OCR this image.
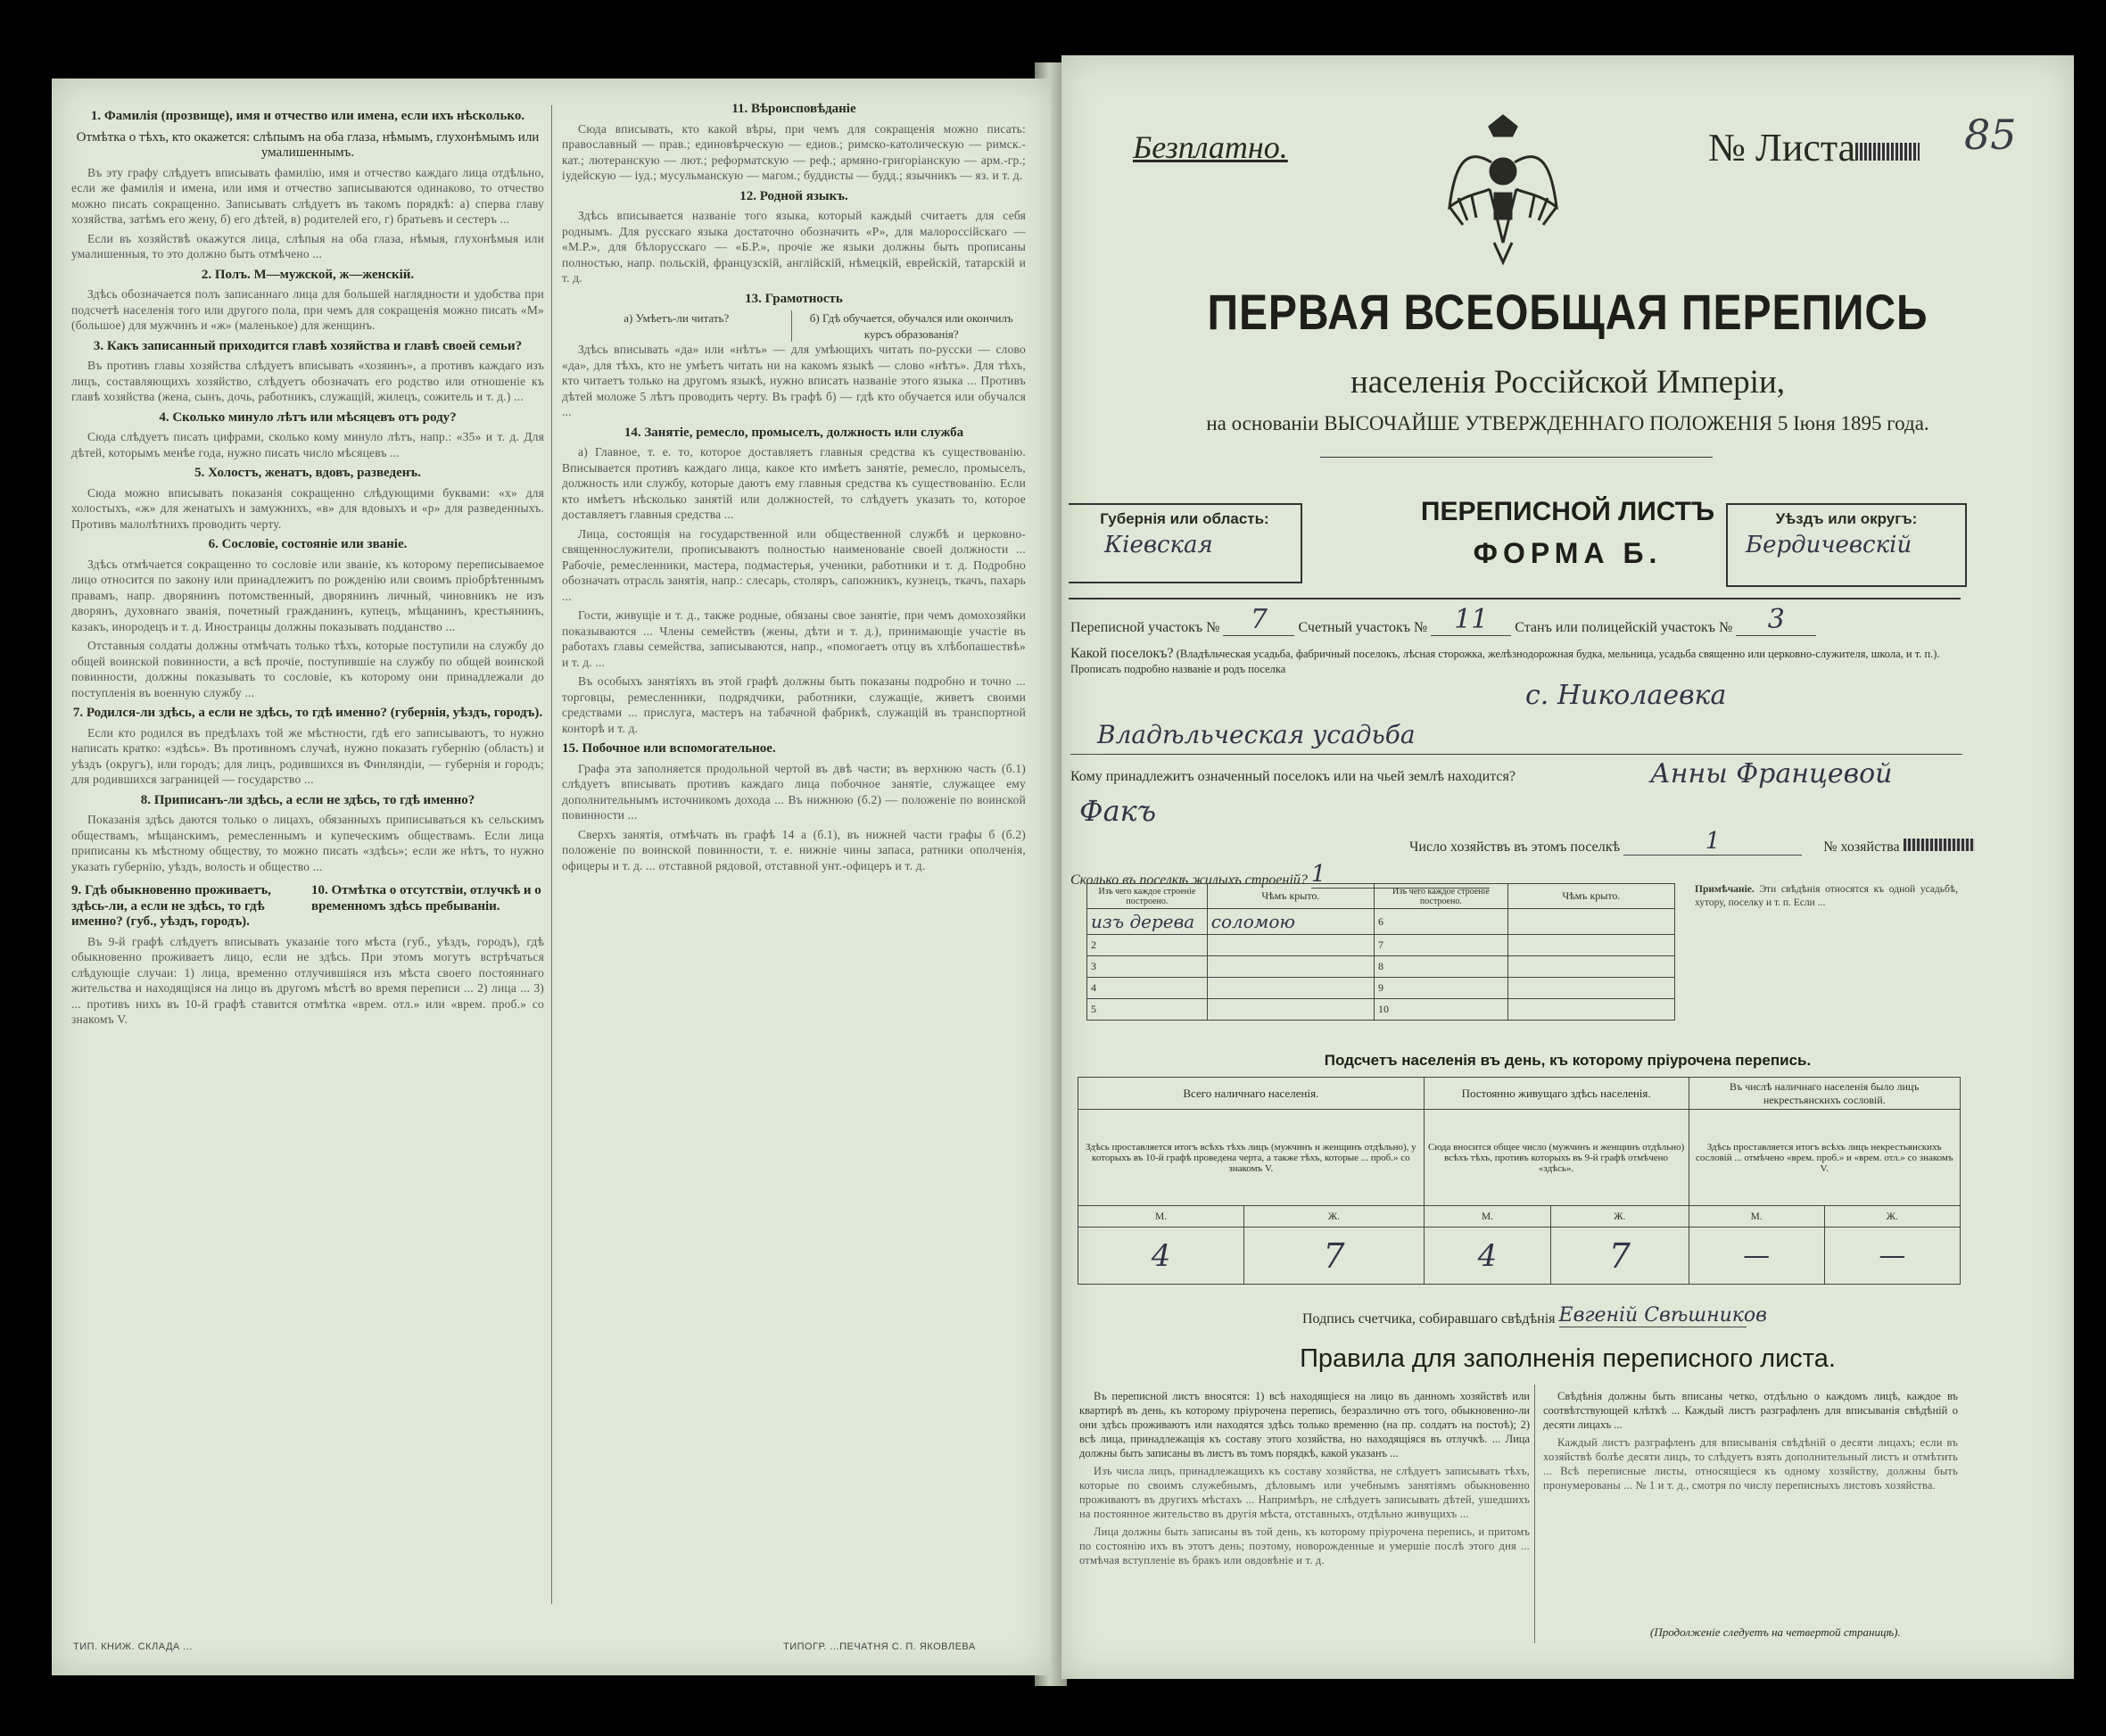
1. Фамилія (прозвище), имя и отчество или имена, если ихъ нѣсколько.
Отмѣтка о тѣхъ, кто окажется: слѣпымъ на оба глаза, нѣмымъ, глухонѣмымъ или умалишеннымъ.

Въ эту графу слѣдуетъ вписывать фамилію, имя и отчество каждаго лица отдѣльно, если же фамилія и имена, или имя и отчество записываются одинаково, то отчество можно писать сокращенно. Записывать слѣдуетъ въ такомъ порядкѣ: а) сперва главу хозяйства, затѣмъ его жену, б) его дѣтей, в) родителей его, г) братьевъ и сестеръ ...

Если въ хозяйствѣ окажутся лица, слѣпыя на оба глаза, нѣмыя, глухонѣмыя или умалишенныя, то это должно быть отмѣчено ...

2. Полъ. М—мужской, ж—женскій.

Здѣсь обозначается полъ записаннаго лица для большей наглядности и удобства при подсчетѣ населенія того или другого пола, при чемъ для сокращенія можно писать «М» (большое) для мужчинъ и «ж» (маленькое) для женщинъ.

3. Какъ записанный приходится главѣ хозяйства и главѣ своей семьи?

Въ противъ главы хозяйства слѣдуетъ вписывать «хозяинъ», а противъ каждаго изъ лицъ, составляющихъ хозяйство, слѣдуетъ обозначать его родство или отношеніе къ главѣ хозяйства (жена, сынъ, дочь, работникъ, служащій, жилецъ, сожитель и т. д.) ...

4. Сколько минуло лѣтъ или мѣсяцевъ отъ роду?

Сюда слѣдуетъ писать цифрами, сколько кому минуло лѣтъ, напр.: «35» и т. д. Для дѣтей, которымъ менѣе года, нужно писать число мѣсяцевъ ...

5. Холостъ, женатъ, вдовъ, разведенъ.

Сюда можно вписывать показанія сокращенно слѣдующими буквами: «х» для холостыхъ, «ж» для женатыхъ и замужнихъ, «в» для вдовыхъ и «р» для разведенныхъ. Противъ малолѣтнихъ проводить черту.

6. Сословіе, состояніе или званіе.

Здѣсь отмѣчается сокращенно то сословіе или званіе, къ которому переписываемое лицо относится по закону или принадлежитъ по рожденію или своимъ пріобрѣтеннымъ правамъ, напр. дворянинъ потомственный, дворянинъ личный, чиновникъ не изъ дворянъ, духовнаго званія, почетный гражданинъ, купецъ, мѣщанинъ, крестьянинъ, казакъ, инородецъ и т. д. Иностранцы должны показывать подданство ...

Отставныя солдаты должны отмѣчать только тѣхъ, которые поступили на службу до общей воинской повинности, а всѣ прочіе, поступившіе на службу по общей воинской повинности, должны показывать то сословіе, къ которому они принадлежали до поступленія въ военную службу ...

7. Родился-ли здѣсь, а если не здѣсь, то гдѣ именно? (губернія, уѣздъ, городъ).

Если кто родился въ предѣлахъ той же мѣстности, гдѣ его записываютъ, то нужно написать кратко: «здѣсь». Въ противномъ случаѣ, нужно показать губернію (область) и уѣздъ (округъ), или городъ; для лицъ, родившихся въ Финляндіи, — губернія и городъ; для родившихся заграницей — государство ...

8. Приписанъ-ли здѣсь, а если не здѣсь, то гдѣ именно?

Показанія здѣсь даются только о лицахъ, обязанныхъ приписываться къ сельскимъ обществамъ, мѣщанскимъ, ремесленнымъ и купеческимъ обществамъ. Если лица приписаны къ мѣстному обществу, то можно писать «здѣсь»; если же нѣтъ, то нужно указать губернію, уѣздъ, волость и общество ...

9. Гдѣ обыкновенно проживаетъ, здѣсь-ли, а если не здѣсь, то гдѣ именно? (губ., уѣздъ, городъ).
10. Отмѣтка о отсутствіи, отлучкѣ и о временномъ здѣсь пребываніи.

Въ 9-й графѣ слѣдуетъ вписывать указаніе того мѣста (губ., уѣздъ, городъ), гдѣ обыкновенно проживаетъ лицо, если не здѣсь. При этомъ могутъ встрѣчаться слѣдующіе случаи: 1) лица, временно отлучившіяся изъ мѣста своего постояннаго жительства и находящіяся на лицо въ другомъ мѣстѣ во время переписи ... 2) лица ... 3) ... противъ нихъ въ 10-й графѣ ставится отмѣтка «врем. отл.» или «врем. проб.» со знакомъ V.

11. Вѣроисповѣданіе

Сюда вписывать, кто какой вѣры, при чемъ для сокращенія можно писать: православный — прав.; единовѣрческую — едиов.; римско-католическую — римск.-кат.; лютеранскую — лют.; реформатскую — реф.; армяно-григоріанскую — арм.-гр.; іудейскую — іуд.; мусульманскую — магом.; буддисты — будд.; язычникъ — яз. и т. д.

12. Родной языкъ.

Здѣсь вписывается названіе того языка, который каждый считаетъ для себя роднымъ. Для русскаго языка достаточно обозначить «Р», для малороссійскаго — «М.Р.», для бѣлорусскаго — «Б.Р.», прочіе же языки должны быть прописаны полностью, напр. польскій, французскій, англійскій, нѣмецкій, еврейскій, татарскій и т. д.

13. Грамотность
а) Умѣетъ-ли читать?	б) Гдѣ обучается, обучался или окончилъ курсъ образованія?

Здѣсь вписывать «да» или «нѣтъ» — для умѣющихъ читать по-русски — слово «да», для тѣхъ, кто не умѣетъ читать ни на какомъ языкѣ — слово «нѣтъ». Для тѣхъ, кто читаетъ только на другомъ языкѣ, нужно вписать названіе этого языка ... Противъ дѣтей моложе 5 лѣтъ проводить черту. Въ графѣ б) — гдѣ кто обучается или обучался ...

14. Занятіе, ремесло, промыселъ, должность или служба

а) Главное, т. е. то, которое доставляетъ главныя средства къ существованію. Вписывается противъ каждаго лица, какое кто имѣетъ занятіе, ремесло, промыселъ, должность или службу, которые даютъ ему главныя средства къ существованію. Если кто имѣетъ нѣсколько занятій или должностей, то слѣдуетъ указать то, которое доставляетъ главныя средства ...

Лица, состоящія на государственной или общественной службѣ и церковно-священнослужители, прописываютъ полностью наименованіе своей должности ... Рабочіе, ремесленники, мастера, подмастерья, ученики, работники и т. д. Подробно обозначать отрасль занятія, напр.: слесарь, столяръ, сапожникъ, кузнецъ, ткачъ, пахарь ...

Гости, живущіе и т. д., также родные, обязаны свое занятіе, при чемъ домохозяйки показываются ... Члены семействъ (жены, дѣти и т. д.), принимающіе участіе въ работахъ главы семейства, записываются, напр., «помогаетъ отцу въ хлѣбопашествѣ» и т. д. ...

Въ особыхъ занятіяхъ въ этой графѣ должны быть показаны подробно и точно ... торговцы, ремесленники, подрядчики, работники, служащіе, живетъ своими средствами ... прислуга, мастеръ на табачной фабрикѣ, служащій въ транспортной конторѣ и т. д.

15. Побочное или вспомогательное.

Графа эта заполняется продольной чертой въ двѣ части; въ верхнюю часть (б.1) слѣдуетъ вписывать противъ каждаго лица побочное занятіе, служащее ему дополнительнымъ источникомъ дохода ... Въ нижнюю (б.2) — положеніе по воинской повинности ...

Сверхъ занятія, отмѣчать въ графѣ 14 а (б.1), въ нижней части графы б (б.2) положеніе по воинской повинности, т. е. нижніе чины запаса, ратники ополченія, офицеры и т. д. ... отставной рядовой, отставной унт.-офицеръ и т. д.

ТИП. КНИЖ. СКЛАДА ...	ТИПОГР. ...ПЕЧАТНЯ С. П. ЯКОВЛЕВА
Безплатно.	№ Листа	85
ПЕРВАЯ ВСЕОБЩАЯ ПЕРЕПИСЬ
населенія Россійской Имперіи,
на основаніи ВЫСОЧАЙШЕ УТВЕРЖДЕННАГО ПОЛОЖЕНІЯ 5 Іюня 1895 года.
Губернія или область:
Кіевская
ПЕРЕПИСНОЙ ЛИСТЪ
ФОРМА Б.
Уѣздъ или округъ:
Бердичевскій
Переписной участокъ № 7 Счетный участокъ № 11 Станъ или полицейскій участокъ № 3
Какой поселокъ? (Владѣльческая усадьба, фабричный поселокъ, лѣсная сторожка, желѣзнодорожная будка, мельница, усадьба священно или церковно-служителя, школа, и т. п.). Прописать подробно названіе и родъ поселка
с. Николаевка
Владѣльческая усадьба
Кому принадлежитъ означенный поселокъ или на чьей землѣ находится?	Анны Францевой
Факъ
Число хозяйствъ въ этомъ поселкѣ	1	№ хозяйства
Сколько въ поселкѣ жилыхъ строеній? 1
Изъ чего каждое строеніе построено.	Чѣмъ крыто.	Изъ чего каждое строеніе построено.	Чѣмъ крыто.
изъ дерева	соломою	6	
2		7	
3		8	
4		9	
5		10	
Примѣчаніе. Эти свѣдѣнія относятся къ одной усадьбѣ, хутору, поселку и т. п. Если ...
Подсчетъ населенія въ день, къ которому пріурочена перепись.
Всего наличнаго населенія.		Постоянно живущаго здѣсь населенія.		Въ числѣ наличнаго населенія было лицъ некрестьянскихъ сословій.	
Здѣсь проставляется итогъ всѣхъ тѣхъ лицъ (мужчинъ и женщинъ отдѣльно), у которыхъ въ 10-й графѣ проведена черта, а также тѣхъ, которые ... проб.» со знакомъ V.		Сюда вносится общее число (мужчинъ и женщинъ отдѣльно) всѣхъ тѣхъ, противъ которыхъ въ 9-й графѣ отмѣчено «здѣсь».		Здѣсь проставляется итогъ всѣхъ лицъ некрестьянскихъ сословій ... отмѣчено «врем. проб.» и «врем. отл.» со знакомъ V.	
М.	Ж.	М.	Ж.	М.	Ж.
4	7	4	7	—	—
Подпись счетчика, собиравшаго свѣдѣнія Евгеній Свѣшников
Правила для заполненія переписного листа.

Въ переписной листъ вносятся: 1) всѣ находящіеся на лицо въ данномъ хозяйствѣ или квартирѣ въ день, къ которому пріурочена перепись, безразлично отъ того, обыкновенно-ли они здѣсь проживаютъ или находятся здѣсь только временно (на пр. солдатъ на постоѣ); 2) всѣ лица, принадлежащія къ составу этого хозяйства, но находящіяся въ отлучкѣ. ... Лица должны быть записаны въ листъ въ томъ порядкѣ, какой указанъ ...

Изъ числа лицъ, принадлежащихъ къ составу хозяйства, не слѣдуетъ записывать тѣхъ, которые по своимъ служебнымъ, дѣловымъ или учебнымъ занятіямъ обыкновенно проживаютъ въ другихъ мѣстахъ ... Напримѣръ, не слѣдуетъ записывать дѣтей, ушедшихъ на постоянное жительство въ другія мѣста, отставныхъ, отдѣльно живущихъ ...

Лица должны быть записаны въ той день, къ которому пріурочена перепись, и притомъ по состоянію ихъ въ этотъ день; поэтому, новорожденные и умершіе послѣ этого дня ... отмѣчая вступленіе въ бракъ или овдовѣніе и т. д.

Свѣдѣнія должны быть вписаны четко, отдѣльно о каждомъ лицѣ, каждое въ соотвѣтствующей клѣткѣ ... Каждый листъ разграфленъ для вписыванія свѣдѣній о десяти лицахъ ...

Каждый листъ разграфленъ для вписыванія свѣдѣній о десяти лицахъ; если въ хозяйствѣ болѣе десяти лицъ, то слѣдуетъ взять дополнительный листъ и отмѣтить ... Всѣ переписные листы, относящіеся къ одному хозяйству, должны быть пронумерованы ... № 1 и т. д., смотря по числу переписныхъ листовъ хозяйства.

(Продолженіе следуетъ на четвертой страницѣ).
